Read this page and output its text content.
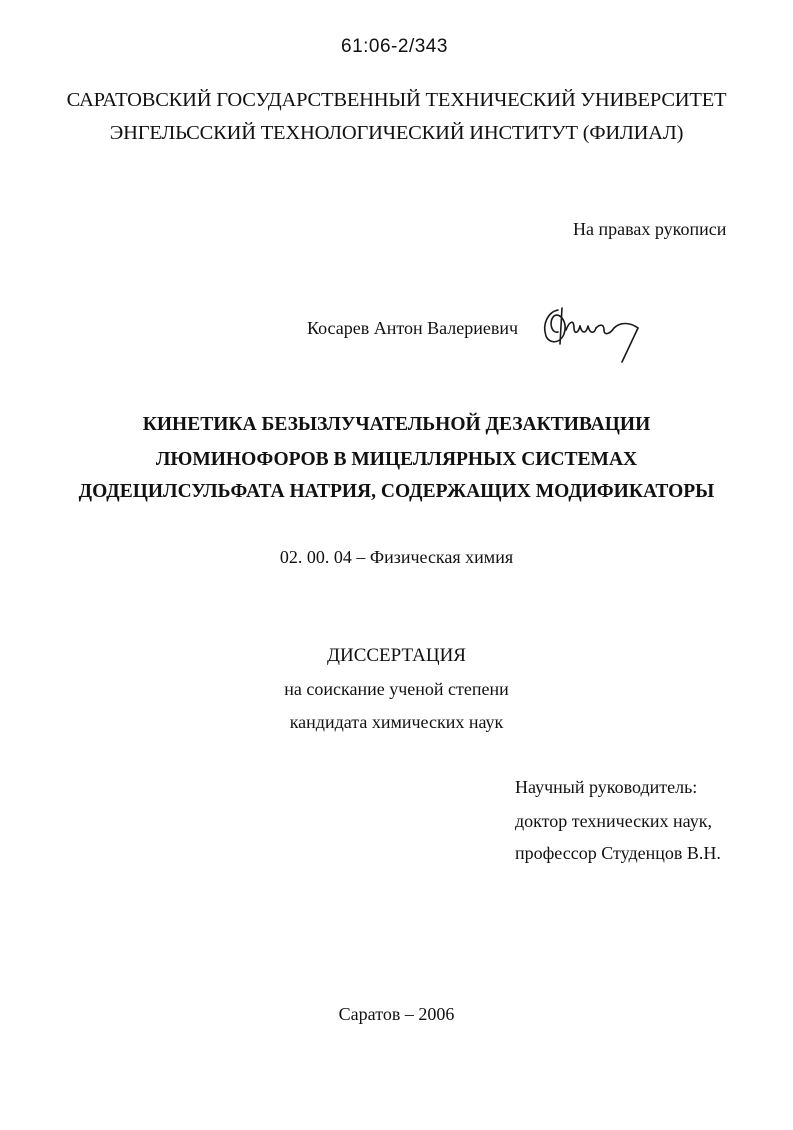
61:06-2/343
САРАТОВСКИЙ ГОСУДАРСТВЕННЫЙ ТЕХНИЧЕСКИЙ УНИВЕРСИТЕТ
ЭНГЕЛЬССКИЙ ТЕХНОЛОГИЧЕСКИЙ ИНСТИТУТ (ФИЛИАЛ)
На правах рукописи
Косарев Антон Валериевич
КИНЕТИКА БЕЗЫЗЛУЧАТЕЛЬНОЙ ДЕЗАКТИВАЦИИ
ЛЮМИНОФОРОВ В МИЦЕЛЛЯРНЫХ СИСТЕМАХ
ДОДЕЦИЛСУЛЬФАТА НАТРИЯ, СОДЕРЖАЩИХ МОДИФИКАТОРЫ
02. 00. 04 – Физическая химия
ДИССЕРТАЦИЯ
на соискание ученой степени
кандидата химических наук
Научный руководитель:
доктор технических наук,
профессор Студенцов В.Н.
Саратов – 2006
